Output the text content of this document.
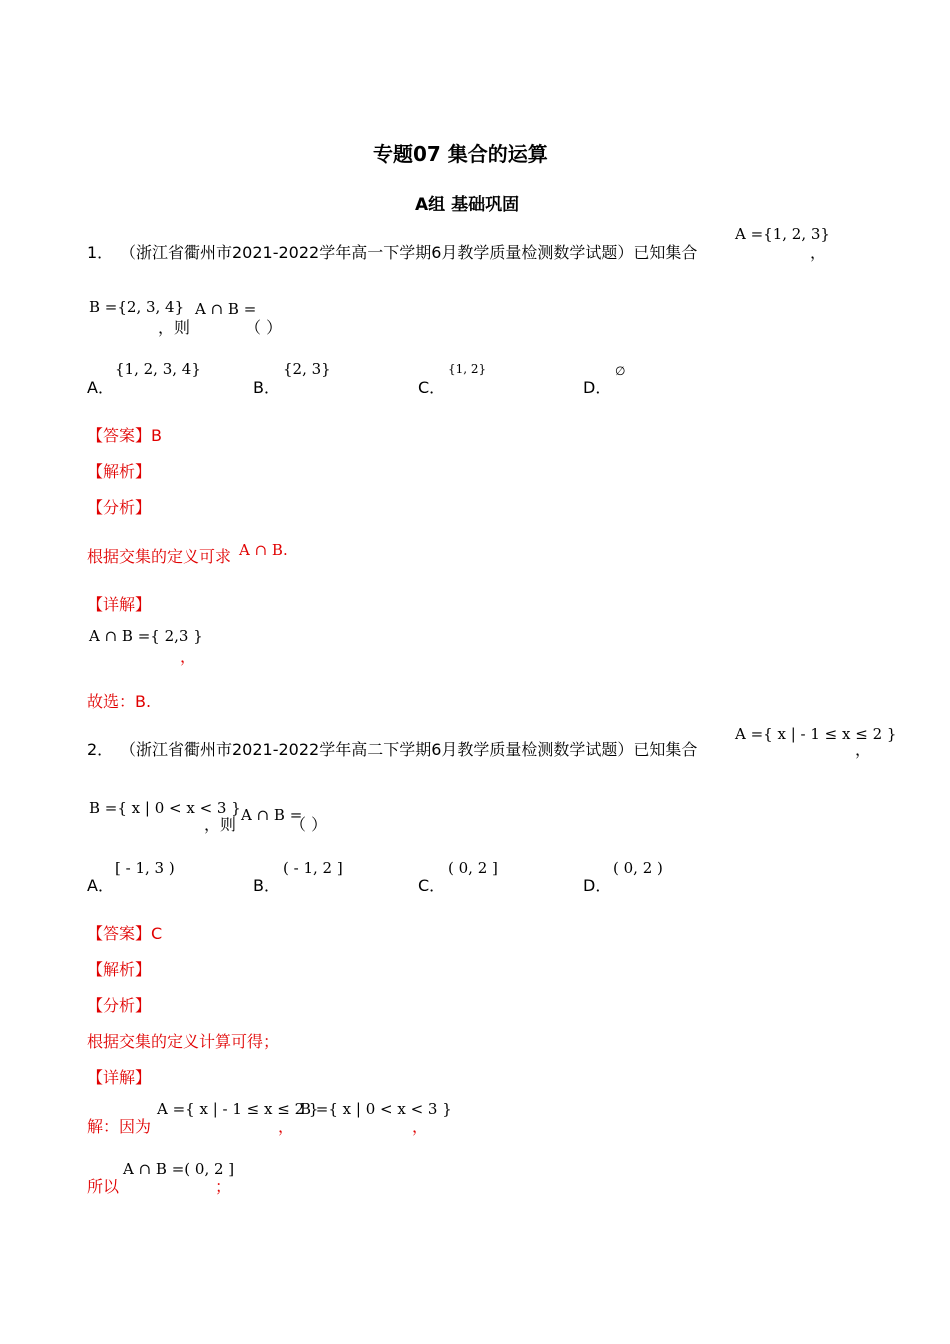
专题07 集合的运算
A组 基础巩固
1． （浙江省衢州市2021-2022学年高一下学期6月教学质量检测数学试题）已知集合
A ={1, 2, 3}
，
B ={2, 3, 4}
，则
A ∩ B =
（ ）
A．
{1, 2, 3, 4}
B．
{2, 3}
C．
{1, 2}
D．
∅
【答案】B
【解析】
【分析】
根据交集的定义可求 A ∩ B.
【详解】
A ∩ B ={ 2,3 }
，
故选：B.
2． （浙江省衢州市2021-2022学年高二下学期6月教学质量检测数学试题）已知集合
A ={ x | - 1 ≤ x ≤ 2 }
，
B ={ x | 0 < x < 3 }
，则 A ∩ B =
（ ）
A．
[ - 1, 3 )
B．
( - 1, 2 ]
C．
( 0, 2 ]
D．
( 0, 2 )
【答案】C
【解析】
【分析】
根据交集的定义计算可得；
【详解】
解：因为
A ={ x | - 1 ≤ x ≤ 2 }
，
B ={ x | 0 < x < 3 }
，
所以
A ∩ B =( 0, 2 ]
；
